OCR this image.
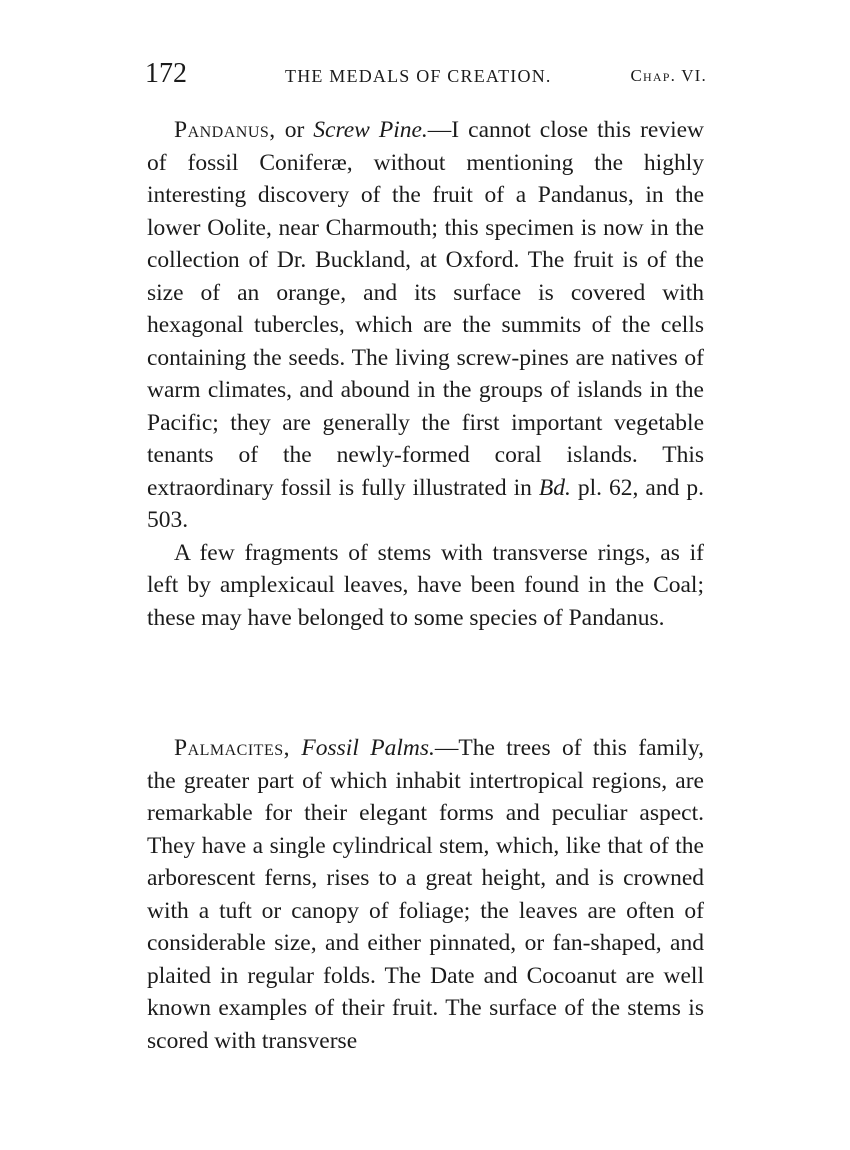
172	THE MEDALS OF CREATION.	Chap. VI.

Pandanus, or Screw Pine.—I cannot close this review of fossil Coniferæ, without mentioning the highly interesting discovery of the fruit of a Pandanus, in the lower Oolite, near Charmouth; this specimen is now in the collection of Dr. Buckland, at Oxford. The fruit is of the size of an orange, and its surface is covered with hexagonal tubercles, which are the summits of the cells containing the seeds. The living screw-pines are natives of warm climates, and abound in the groups of islands in the Pacific; they are generally the first important vegetable tenants of the newly-formed coral islands. This extraordinary fossil is fully illustrated in Bd. pl. 62, and p. 503.

A few fragments of stems with transverse rings, as if left by amplexicaul leaves, have been found in the Coal; these may have belonged to some species of Pandanus.

Palmacites, Fossil Palms.—The trees of this family, the greater part of which inhabit intertropical regions, are remarkable for their elegant forms and peculiar aspect. They have a single cylindrical stem, which, like that of the arborescent ferns, rises to a great height, and is crowned with a tuft or canopy of foliage; the leaves are often of considerable size, and either pinnated, or fan-shaped, and plaited in regular folds. The Date and Cocoanut are well known examples of their fruit. The surface of the stems is scored with transverse
